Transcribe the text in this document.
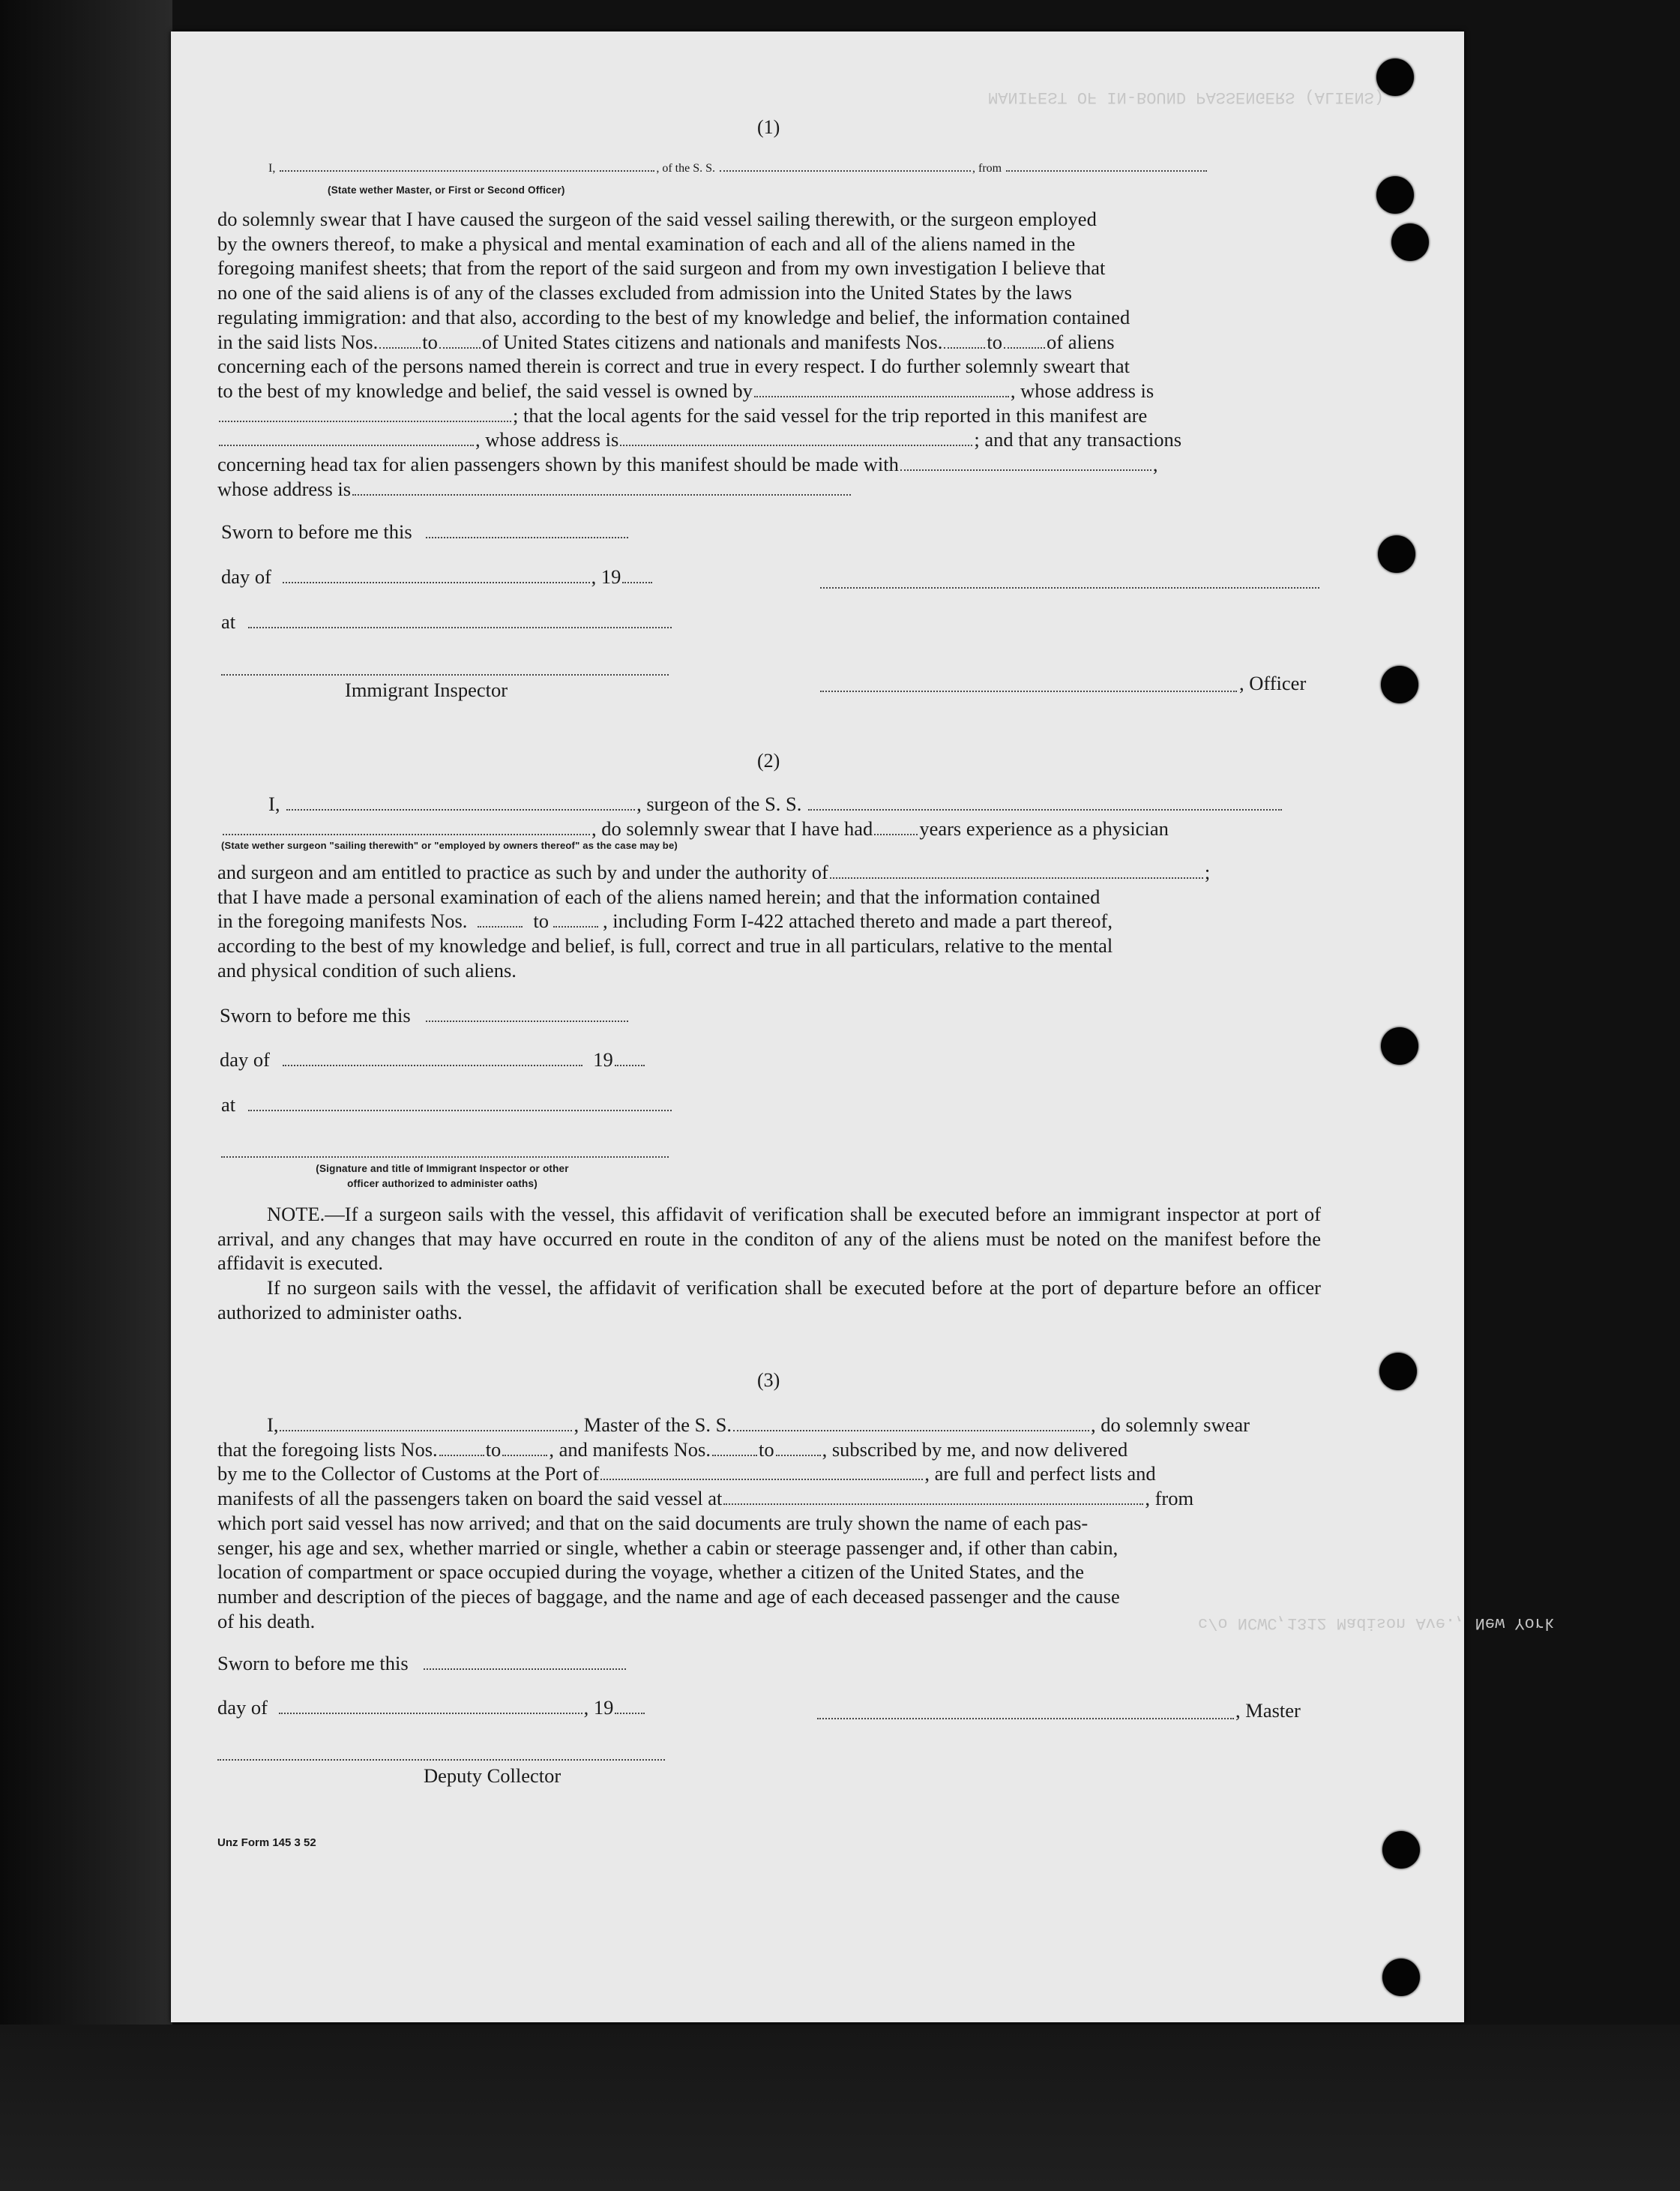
MANIFEST OF IN-BOUND PASSENGERS (ALIENS)
c/o NCWC,1312 Madison Ave., New York
(1)
I,	, of the S. S.	, from
(State wether Master, or First or Second Officer)

do solemnly swear that I have caused the surgeon of the said vessel sailing therewith, or the surgeon employed

by the owners thereof, to make a physical and mental examination of each and all of the aliens named in the

foregoing manifest sheets; that from the report of the said surgeon and from my own investigation I believe that

no one of the said aliens is of any of the classes excluded from admission into the United States by the laws

regulating immigration: and that also, according to the best of my knowledge and belief, the information contained

in the said lists Nos. to of United States citizens and nationals and manifests Nos. to of aliens

concerning each of the persons named therein is correct and true in every respect. I do further solemnly sweart that

to the best of my knowledge and belief, the said vessel is owned by	, whose address is
; that the local agents for the said vessel for the trip reported in this manifest are
, whose address is	; and that any transactions
concerning head tax for alien passengers shown by this manifest should be made with	,
whose address is
Sworn to before me this
day of	, 19
at
Immigrant Inspector	, Officer
(2)
I,	, surgeon of the S. S.
, do solemnly swear that I have had years experience as a physician
(State wether surgeon "sailing therewith" or "employed by owners thereof" as the case may be)
and surgeon and am entitled to practice as such by and under the authority of	;

that I have made a personal examination of each of the aliens named herein; and that the information contained

in the foregoing manifests Nos.	to	, including Form I-422 attached thereto and made a part thereof,

according to the best of my knowledge and belief, is full, correct and true in all particulars, relative to the mental

and physical condition of such aliens.

Sworn to before me this
day of	19
at
(Signature and title of Immigrant Inspector or other
officer authorized to administer oaths)

NOTE.—If a surgeon sails with the vessel, this affidavit of verification shall be executed before an immigrant inspector at port of arrival, and any changes that may have occurred en route in the conditon of any of the aliens must be noted on the manifest before the affidavit is executed.

If no surgeon sails with the vessel, the affidavit of verification shall be executed before at the port of departure before an officer authorized to administer oaths.

(3)
I,	, Master of the S. S.	, do solemnly swear
that the foregoing lists Nos. to , and manifests Nos. to , subscribed by me, and now delivered
by me to the Collector of Customs at the Port of	, are full and perfect lists and
manifests of all the passengers taken on board the said vessel at	, from

which port said vessel has now arrived; and that on the said documents are truly shown the name of each pas-

senger, his age and sex, whether married or single, whether a cabin or steerage passenger and, if other than cabin,

location of compartment or space occupied during the voyage, whether a citizen of the United States, and the

number and description of the pieces of baggage, and the name and age of each deceased passenger and the cause

of his death.

Sworn to before me this
day of	, 19	, Master
Deputy Collector
Unz Form 145 3 52
